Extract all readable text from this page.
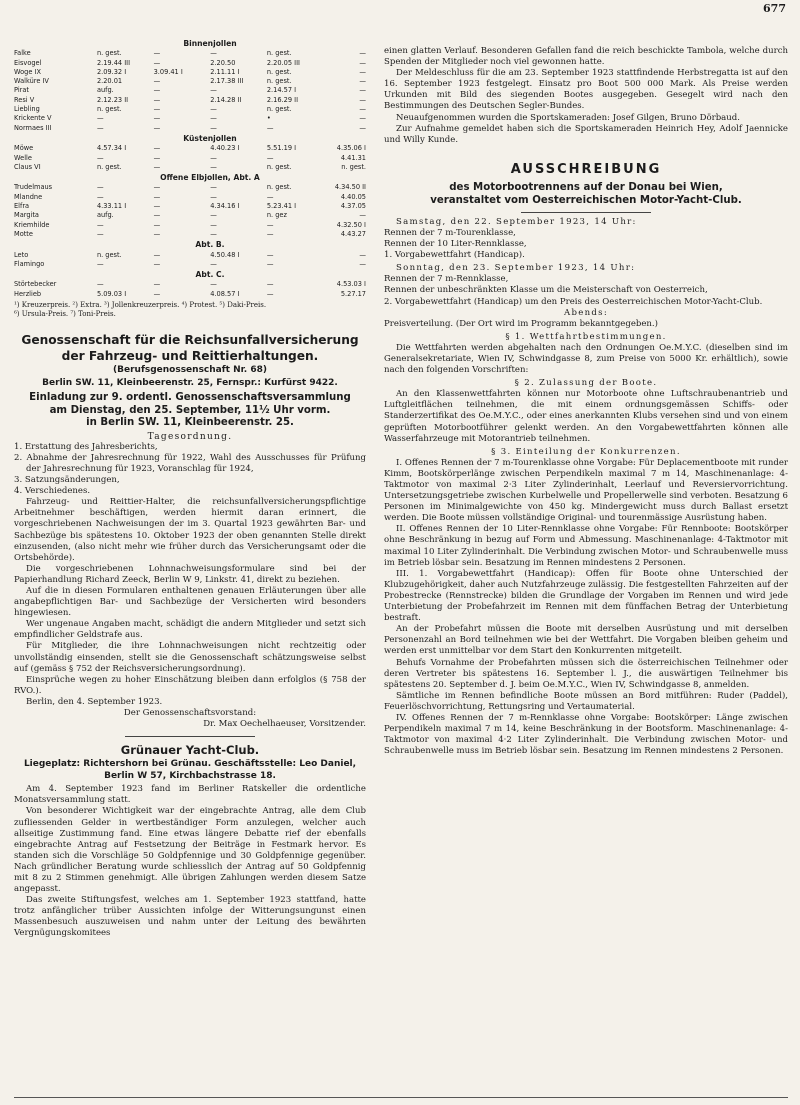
677
Binnenjollen
Falke	n. gest.	—	—	n. gest.	—
Eisvogel	2.19.44 III	—	2.20.50	2.20.05 III	—
Woge IX	2.09.32 I	3.09.41 I	2.11.11 I	n. gest.	—
Walküre IV	2.20.01	—	2.17.38 III	n. gest.	—
Pirat	aufg.	—	—	2.14.57 I	—
Resi V	2.12.23 II	—	2.14.28 II	2.16.29 II	—
Liebling	n. gest.	—	—	n. gest.	—
Krickente V	—	—	—	•	—
Normaes III	—	—	—	—	—
Küstenjollen
Möwe	4.57.34 I	—	4.40.23 I	5.51.19 I	4.35.06 I
Welle	—	—	—	—	4.41.31
Claus VI	n. gest.	—	—	n. gest.	n. gest.
Offene Elbjollen, Abt. A
Trudelmaus	—	—	—	n. gest.	4.34.50 II
Mlandne	—	—	—	—	4.40.05
Elfra	4.33.11 I	—	4.34.16 I	5.23.41 I	4.37.05
Margita	aufg.	—	—	n. gez	—
Kriemhilde	—	—	—	—	4.32.50 I
Motte	—	—	—	—	4.43.27
Abt. B.
Leto	n. gest.	—	4.50.48 I	—	—
Flamingo	—	—	—	—	—
Abt. C.
Störtebecker	—	—	—	—	4.53.03 I
Herzlieb	5.09.03 I	—	4.08.57 I	—	5.27.17
¹) Kreuzerpreis. ²) Extra. ³) Jollenkreuzerpreis. ⁴) Protest. ⁵) Daki-Preis.
⁶) Ursula-Preis. ⁷) Toni-Preis.
Genossenschaft für die Reichsunfallversicherung
der Fahrzeug- und Reittierhaltungen.
(Berufsgenossenschaft Nr. 68)
Berlin SW. 11, Kleinbeerenstr. 25, Fernspr.: Kurfürst 9422.
Einladung zur 9. ordentl. Genossenschaftsversammlung
am Dienstag, den 25. September, 11½ Uhr vorm.
in Berlin SW. 11, Kleinbeerenstr. 25.
Tagesordnung.

1. Erstattung des Jahresberichts,

2. Abnahme der Jahresrechnung für 1922, Wahl des Ausschusses für Prüfung der Jahresrechnung für 1923, Voranschlag für 1924,

3. Satzungsänderungen,

4. Verschiedenes.

Fahrzeug- und Reittier-Halter, die reichsunfallversicherungspflichtige Arbeitnehmer beschäftigen, werden hiermit daran erinnert, die vorgeschriebenen Nachweisungen der im 3. Quartal 1923 gewährten Bar- und Sachbezüge bis spätestens 10. Oktober 1923 der oben genannten Stelle direkt einzusenden, (also nicht mehr wie früher durch das Versicherungsamt oder die Ortsbehörde).

Die vorgeschriebenen Lohnnachweisungsformulare sind bei der Papierhandlung Richard Zeeck, Berlin W 9, Linkstr. 41, direkt zu beziehen.

Auf die in diesen Formularen enthaltenen genauen Erläuterungen über alle angabepflichtigen Bar- und Sachbezüge der Versicherten wird besonders hingewiesen.

Wer ungenaue Angaben macht, schädigt die andern Mitglieder und setzt sich empfindlicher Geldstrafe aus.

Für Mitglieder, die ihre Lohnnachweisungen nicht rechtzeitig oder unvollständig einsenden, stellt sie die Genossenschaft schätzungsweise selbst auf (gemäss § 752 der Reichsversicherungsordnung).

Einsprüche wegen zu hoher Einschätzung bleiben dann erfolglos (§ 758 der RVO.).

Berlin, den 4. September 1923.

Der Genossenschaftsvorstand:

Dr. Max Oechelhaeuser, Vorsitzender.

Grünauer Yacht-Club.
Liegeplatz: Richtershorn bei Grünau. Geschäftsstelle: Leo Daniel, Berlin W 57, Kirchbachstrasse 18.

Am 4. September 1923 fand im Berliner Ratskeller die ordentliche Monatsversammlung statt.

Von besonderer Wichtigkeit war der eingebrachte Antrag, alle dem Club zufliessenden Gelder in wertbeständiger Form anzulegen, welcher auch allseitige Zustimmung fand. Eine etwas längere Debatte rief der ebenfalls eingebrachte Antrag auf Festsetzung der Beiträge in Festmark hervor. Es standen sich die Vorschläge 50 Goldpfennige und 30 Goldpfennige gegenüber. Nach gründlicher Beratung wurde schliesslich der Antrag auf 50 Goldpfennig mit 8 zu 2 Stimmen genehmigt. Alle übrigen Zahlungen werden diesem Satze angepasst.

Das zweite Stiftungsfest, welches am 1. September 1923 stattfand, hatte trotz anfänglicher trüber Aussichten infolge der Witterungsungunst einen Massenbesuch auszuweisen und nahm unter der Leitung des bewährten Vergnügungskomitees

einen glatten Verlauf. Besonderen Gefallen fand die reich beschickte Tambola, welche durch Spenden der Mitglieder noch viel gewonnen hatte.

Der Meldeschluss für die am 23. September 1923 stattfindende Herbstregatta ist auf den 16. September 1923 festgelegt. Einsatz pro Boot 500 000 Mark. Als Preise werden Urkunden mit Bild des siegenden Bootes ausgegeben. Gesegelt wird nach den Bestimmungen des Deutschen Segler-Bundes.

Neuaufgenommen wurden die Sportskameraden: Josef Gilgen, Bruno Dörbaud.

Zur Aufnahme gemeldet haben sich die Sportskameraden Heinrich Hey, Adolf Jaennicke und Willy Kunde.

AUSSCHREIBUNG
des Motorbootrennens auf der Donau bei Wien,
veranstaltet vom Oesterreichischen Motor-Yacht-Club.

Samstag, den 22. September 1923, 14 Uhr:

Rennen der 7 m-Tourenklasse,

Rennen der 10 Liter-Rennklasse,

1. Vorgabewettfahrt (Handicap).

Sonntag, den 23. September 1923, 14 Uhr:

Rennen der 7 m-Rennklasse,

Rennen der unbeschränkten Klasse um die Meisterschaft von Oesterreich,

2. Vorgabewettfahrt (Handicap) um den Preis des Oesterreichischen Motor-Yacht-Club.

Abends:

Preisverteilung. (Der Ort wird im Programm bekanntgegeben.)

§ 1. Wettfahrtbestimmungen.

Die Wettfahrten werden abgehalten nach den Ordnungen Oe.M.Y.C. (dieselben sind im Generalsekretariate, Wien IV, Schwindgasse 8, zum Preise von 5000 Kr. erhältlich), sowie nach den folgenden Vorschriften:

§ 2. Zulassung der Boote.

An den Klassenwettfahrten können nur Motorboote ohne Luftschraubenantrieb und Luftgleitflächen teilnehmen, die mit einem ordnungsgemässen Schiffs- oder Standerzertifikat des Oe.M.Y.C., oder eines anerkannten Klubs versehen sind und von einem geprüften Motorbootführer gelenkt werden. An den Vorgabewettfahrten können alle Wasserfahrzeuge mit Motorantrieb teilnehmen.

§ 3. Einteilung der Konkurrenzen.

I. Offenes Rennen der 7 m-Tourenklasse ohne Vorgabe: Für Deplacementboote mit runder Kimm, Bootskörperlänge zwischen Perpendikeln maximal 7 m 14, Maschinenanlage: 4-Taktmotor von maximal 2·3 Liter Zylinderinhalt, Leerlauf und Reversiervorrichtung. Untersetzungsgetriebe zwischen Kurbelwelle und Propellerwelle sind verboten. Besatzung 6 Personen im Minimalgewichte von 450 kg. Mindergewicht muss durch Ballast ersetzt werden. Die Boote müssen vollständige Original- und tourenmässige Ausrüstung haben.

II. Offenes Rennen der 10 Liter-Rennklasse ohne Vorgabe: Für Rennboote: Bootskörper ohne Beschränkung in bezug auf Form und Abmessung. Maschinenanlage: 4-Taktmotor mit maximal 10 Liter Zylinderinhalt. Die Verbindung zwischen Motor- und Schraubenwelle muss im Betrieb lösbar sein. Besatzung im Rennen mindestens 2 Personen.

III. 1. Vorgabewettfahrt (Handicap): Offen für Boote ohne Unterschied der Klubzugehörigkeit, daher auch Nutzfahrzeuge zulässig. Die festgestellten Fahrzeiten auf der Probestrecke (Rennstrecke) bilden die Grundlage der Vorgaben im Rennen und wird jede Unterbietung der Probefahrzeit im Rennen mit dem fünffachen Betrag der Unterbietung bestraft.

An der Probefahrt müssen die Boote mit derselben Ausrüstung und mit derselben Personenzahl an Bord teilnehmen wie bei der Wettfahrt. Die Vorgaben bleiben geheim und werden erst unmittelbar vor dem Start den Konkurrenten mitgeteilt.

Behufs Vornahme der Probefahrten müssen sich die österreichischen Teilnehmer oder deren Vertreter bis spätestens 16. September l. J., die auswärtigen Teilnehmer bis spätestens 20. September d. J. beim Oe.M.Y.C., Wien IV, Schwindgasse 8, anmelden.

Sämtliche im Rennen befindliche Boote müssen an Bord mitführen: Ruder (Paddel), Feuerlöschvorrichtung, Rettungsring und Vertaumaterial.

IV. Offenes Rennen der 7 m-Rennklasse ohne Vorgabe: Bootskörper: Länge zwischen Perpendikeln maximal 7 m 14, keine Beschränkung in der Bootsform. Maschinenanlage: 4-Taktmotor von maximal 4·2 Liter Zylinderinhalt. Die Verbindung zwischen Motor- und Schraubenwelle muss im Betrieb lösbar sein. Besatzung im Rennen mindestens 2 Personen.
